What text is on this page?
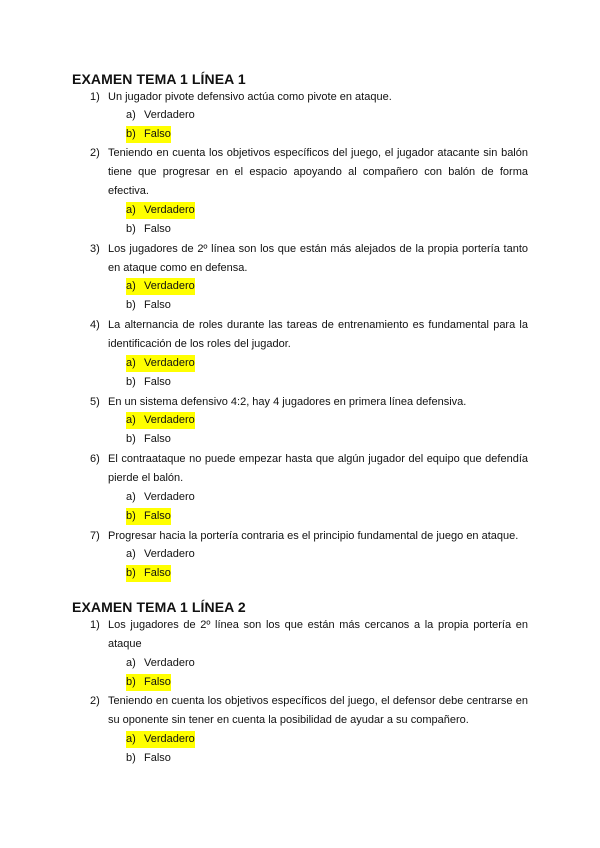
EXAMEN TEMA 1 LÍNEA 1
1) Un jugador pivote defensivo actúa como pivote en ataque.
a) Verdadero
b) Falso
2) Teniendo en cuenta los objetivos específicos del juego, el jugador atacante sin balón tiene que progresar en el espacio apoyando al compañero con balón de forma efectiva.
a) Verdadero
b) Falso
3) Los jugadores de 2º línea son los que están más alejados de la propia portería tanto en ataque como en defensa.
a) Verdadero
b) Falso
4) La alternancia de roles durante las tareas de entrenamiento es fundamental para la identificación de los roles del jugador.
a) Verdadero
b) Falso
5) En un sistema defensivo 4:2, hay 4 jugadores en primera línea defensiva.
a) Verdadero
b) Falso
6) El contraataque no puede empezar hasta que algún jugador del equipo que defendía pierde el balón.
a) Verdadero
b) Falso
7) Progresar hacia la portería contraria es el principio fundamental de juego en ataque.
a) Verdadero
b) Falso
EXAMEN TEMA 1 LÍNEA 2
1) Los jugadores de 2º línea son los que están más cercanos a la propia portería en ataque
a) Verdadero
b) Falso
2) Teniendo en cuenta los objetivos específicos del juego, el defensor debe centrarse en su oponente sin tener en cuenta la posibilidad de ayudar a su compañero.
a) Verdadero
b) Falso
